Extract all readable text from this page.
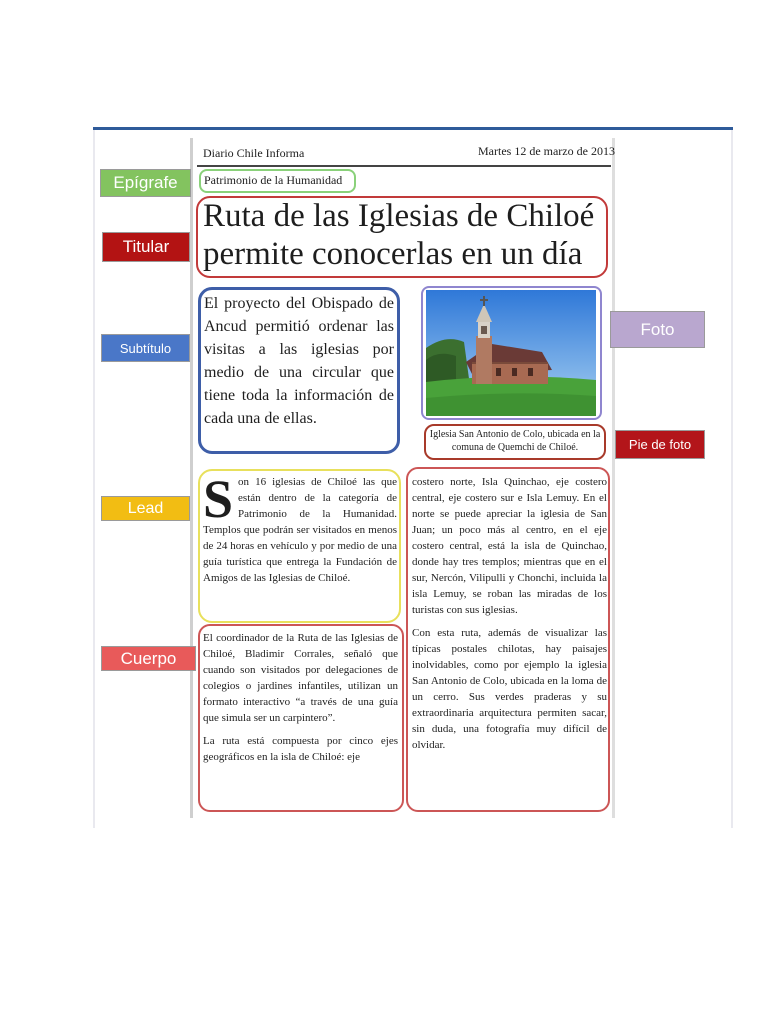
Diario Chile Informa	Martes 12 de marzo de 2013
Patrimonio de la Humanidad
Ruta de las Iglesias de Chiloé permite conocerlas en un día
El proyecto del Obispado de Ancud permitió ordenar las visitas a las iglesias por medio de una circular que tiene toda la información de cada una de ellas.
Iglesia San Antonio de Colo, ubicada en la comuna de Quemchi de Chiloé.
Son 16 iglesias de Chiloé las que están dentro de la categoría de Patrimonio de la Humanidad. Templos que podrán ser visitados en menos de 24 horas en vehículo y por medio de una guía turística que entrega la Fundación de Amigos de las Iglesias de Chiloé.

El coordinador de la Ruta de las Iglesias de Chiloé, Bladimir Corrales, señaló que cuando son visitados por delegaciones de colegios o jardines infantiles, utilizan un formato interactivo “a través de una guía que simula ser un carpintero”.

La ruta está compuesta por cinco ejes geográficos en la isla de Chiloé: eje

costero norte, Isla Quinchao, eje costero central, eje costero sur e Isla Lemuy. En el norte se puede apreciar la iglesia de San Juan; un poco más al centro, en el eje costero central, está la isla de Quinchao, donde hay tres templos; mientras que en el sur, Nercón, Vilipulli y Chonchi, incluida la isla Lemuy, se roban las miradas de los turistas con sus iglesias.

Con esta ruta, además de visualizar las típicas postales chilotas, hay paisajes inolvidables, como por ejemplo la iglesia San Antonio de Colo, ubicada en la loma de un cerro. Sus verdes praderas y su extraordinaria arquitectura permiten sacar, sin duda, una fotografía muy difícil de olvidar.

Epígrafe
Titular
Subtítulo
Foto
Pie de foto
Lead
Cuerpo
